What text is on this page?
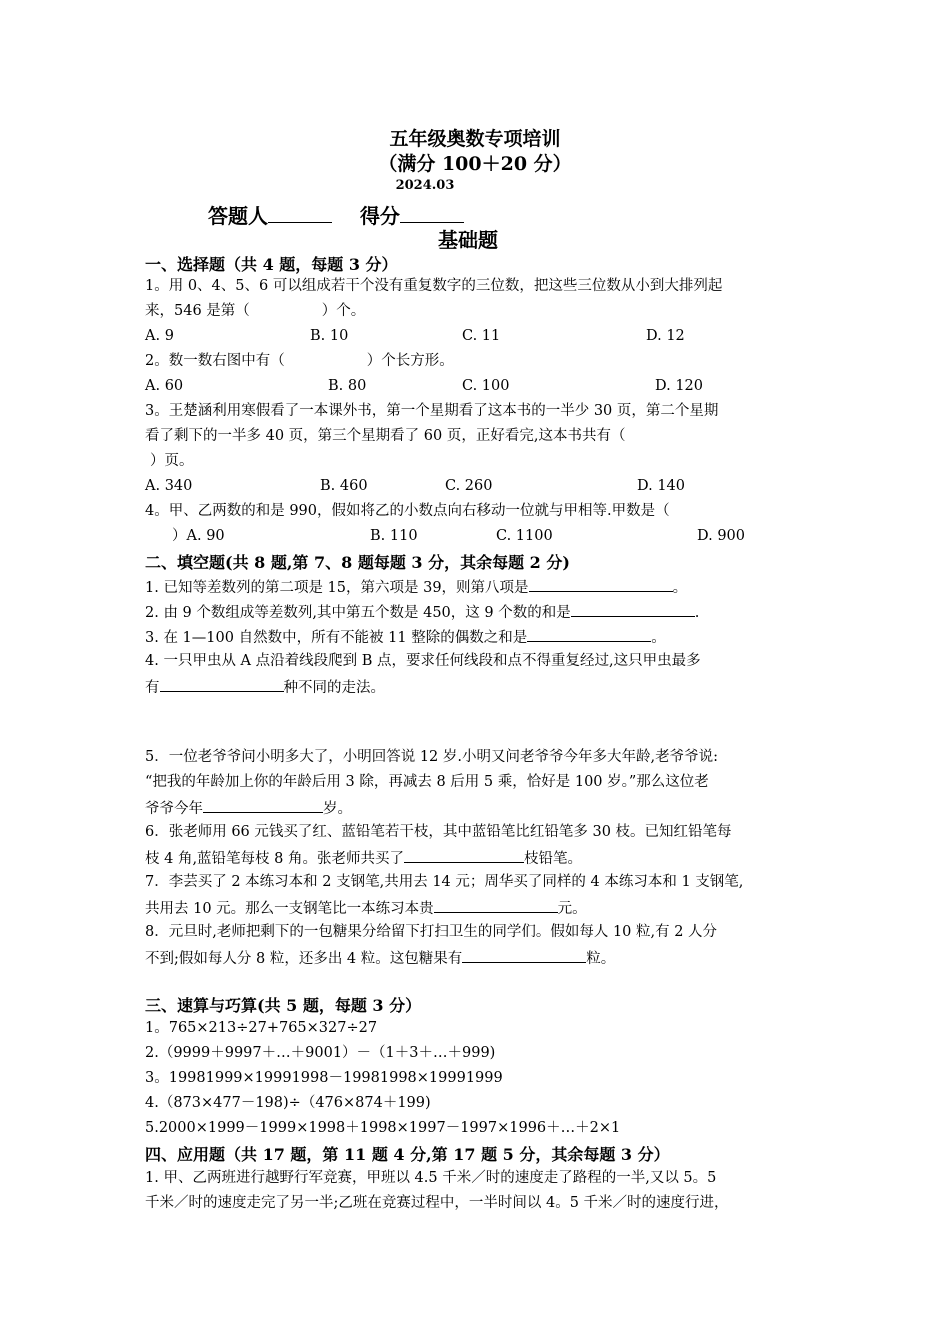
五年级奥数专项培训
（满分 100＋20 分）
2024.03
答题人	得分
基础题
一、选择题（共 4 题，每题 3 分）
1。用 0、4、5、6 可以组成若干个没有重复数字的三位数，把这些三位数从小到大排列起
来，546 是第（	）个。
A. 9	B. 10	C. 11	D. 12
2。数一数右图中有（	）个长方形。
A. 60	B. 80	C. 100	D. 120
3。王楚涵利用寒假看了一本课外书，第一个星期看了这本书的一半少 30 页，第二个星期
看了剩下的一半多 40 页，第三个星期看了 60 页，正好看完,这本书共有（
）页。
A. 340	B. 460	C. 260	D. 140
4。甲、乙两数的和是 990，假如将乙的小数点向右移动一位就与甲相等.甲数是（
）A. 90	B. 110	C. 1100	D. 900
二、填空题(共 8 题,第 7、8 题每题 3 分，其余每题 2 分)
1. 已知等差数列的第二项是 15，第六项是 39，则第八项是	。
2. 由 9 个数组成等差数列,其中第五个数是 450，这 9 个数的和是	.
3. 在 1—100 自然数中，所有不能被 11 整除的偶数之和是	。
4. 一只甲虫从 A 点沿着线段爬到 B 点，要求任何线段和点不得重复经过,这只甲虫最多
有	种不同的走法。
5．一位老爷爷问小明多大了，小明回答说 12 岁.小明又问老爷爷今年多大年龄,老爷爷说:
“把我的年龄加上你的年龄后用 3 除，再减去 8 后用 5 乘，恰好是 100 岁。”那么这位老
爷爷今年	岁。
6．张老师用 66 元钱买了红、蓝铅笔若干枝，其中蓝铅笔比红铅笔多 30 枝。已知红铅笔每
枝 4 角,蓝铅笔每枝 8 角。张老师共买了	枝铅笔。
7．李芸买了 2 本练习本和 2 支钢笔,共用去 14 元；周华买了同样的 4 本练习本和 1 支钢笔,
共用去 10 元。那么一支钢笔比一本练习本贵	元。
8．元旦时,老师把剩下的一包糖果分给留下打扫卫生的同学们。假如每人 10 粒,有 2 人分
不到;假如每人分 8 粒，还多出 4 粒。这包糖果有	粒。
三、速算与巧算(共 5 题，每题 3 分）
1。765×213÷27+765×327÷27
2.（9999＋9997＋…＋9001）－（1＋3＋…＋999)
3。19981999×19991998－19981998×19991999
4.（873×477－198)÷（476×874＋199)
5.2000×1999－1999×1998＋1998×1997－1997×1996＋…＋2×1
四、应用题（共 17 题，第 11 题 4 分,第 17 题 5 分，其余每题 3 分）
1. 甲、乙两班进行越野行军竞赛，甲班以 4.5 千米／时的速度走了路程的一半,又以 5。5
千米／时的速度走完了另一半;乙班在竞赛过程中，一半时间以 4。5 千米／时的速度行进，
